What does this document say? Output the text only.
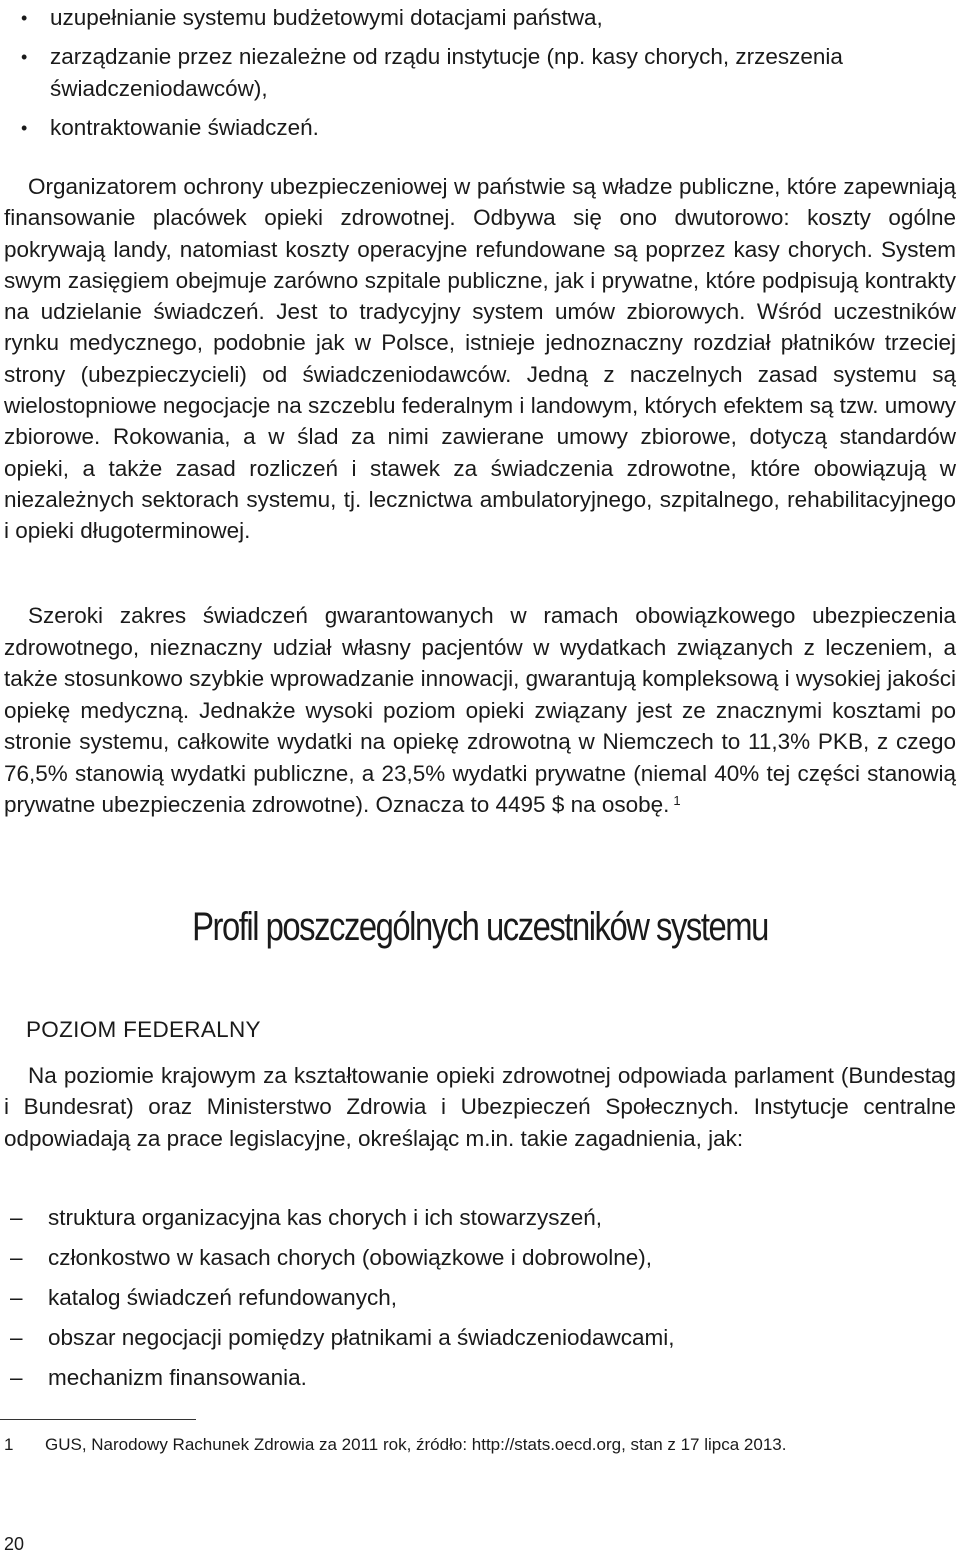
• uzupełnianie systemu budżetowymi dotacjami państwa,
• zarządzanie przez niezależne od rządu instytucje (np. kasy chorych, zrzeszenia świadczeniodawców),
• kontraktowanie świadczeń.

Organizatorem ochrony ubezpieczeniowej w państwie są władze publiczne, które zapewniają finansowanie placówek opieki zdrowotnej. Odbywa się ono dwutorowo: koszty ogólne pokrywają landy, natomiast koszty operacyjne refundowane są poprzez kasy chorych. System swym zasięgiem obejmuje zarówno szpitale publiczne, jak i prywatne, które podpisują kontrakty na udzielanie świadczeń. Jest to tradycyjny system umów zbiorowych. Wśród uczestników rynku medycznego, podobnie jak w Polsce, istnieje jednoznaczny rozdział płatników trzeciej strony (ubezpieczycieli) od świadczeniodawców. Jedną z naczelnych zasad systemu są wielostopniowe negocjacje na szczeblu federalnym i landowym, których efektem są tzw. umowy zbiorowe. Rokowania, a w ślad za nimi zawierane umowy zbiorowe, dotyczą standardów opieki, a także zasad rozliczeń i stawek za świadczenia zdrowotne, które obowiązują w niezależnych sektorach systemu, tj. lecznictwa ambulatoryjnego, szpitalnego, rehabilitacyjnego i opieki długoterminowej.

Szeroki zakres świadczeń gwarantowanych w ramach obowiązkowego ubezpieczenia zdrowotnego, nieznaczny udział własny pacjentów w wydatkach związanych z leczeniem, a także stosunkowo szybkie wprowadzanie innowacji, gwarantują kompleksową i wysokiej jakości opiekę medyczną. Jednakże wysoki poziom opieki związany jest ze znacznymi kosztami po stronie systemu, całkowite wydatki na opiekę zdrowotną w Niemczech to 11,3% PKB, z czego 76,5% stanowią wydatki publiczne, a 23,5% wydatki prywatne (niemal 40% tej części stanowią prywatne ubezpieczenia zdrowotne). Oznacza to 4495 $ na osobę. $^1$

Profil poszczególnych uczestników systemu
POZIOM FEDERALNY

Na poziomie krajowym za kształtowanie opieki zdrowotnej odpowiada parlament (Bundestag i Bundesrat) oraz Ministerstwo Zdrowia i Ubezpieczeń Społecznych. Instytucje centralne odpowiadają za prace legislacyjne, określając m.in. takie zagadnienia, jak:

– struktura organizacyjna kas chorych i ich stowarzyszeń,
– członkostwo w kasach chorych (obowiązkowe i dobrowolne),
– katalog świadczeń refundowanych,
– obszar negocjacji pomiędzy płatnikami a świadczeniodawcami,
– mechanizm finansowania.
1 GUS, Narodowy Rachunek Zdrowia za 2011 rok, źródło: http://stats.oecd.org, stan z 17 lipca 2013.
20
